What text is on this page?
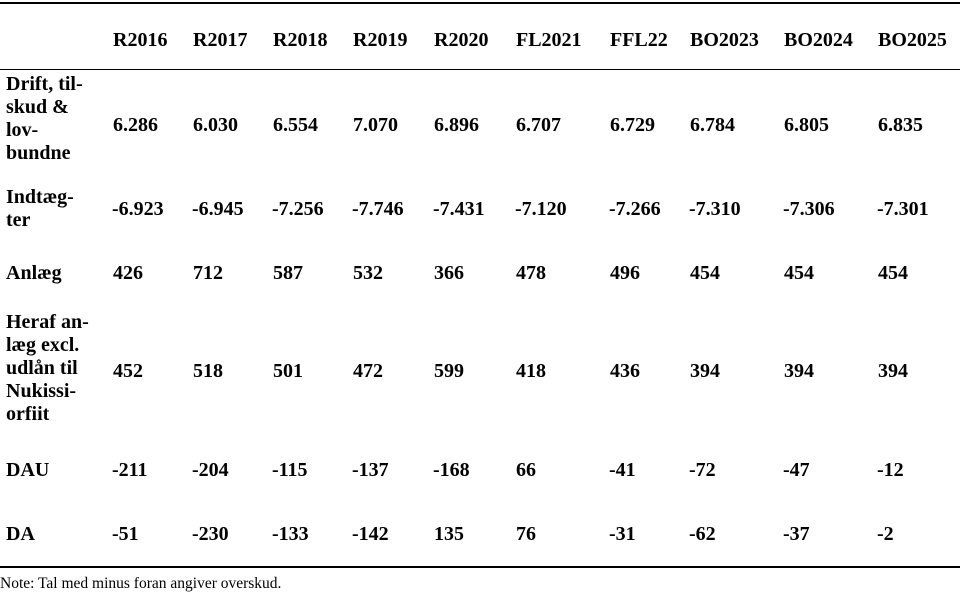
R2016 R2017 R2018 R2019 R2020 FL2021 FFL22 BO2023 BO2024 BO2025
Drift, til-
skud &
lov-
bundne
6.286 6.030 6.554 7.070 6.896 6.707 6.729 6.784 6.805 6.835
Indtæg-
ter	-6.923 -6.945 -7.256 -7.746 -7.431 -7.120 -7.266 -7.310 -7.306 -7.301
Anlæg	426	712	587	532	366	478	496	454	454	454
Heraf an-
læg excl.
udlån til
Nukissi-
orfiit
452	518	501	472	599	418	436	394	394	394
DAU	-211 -204 -115 -137 -168 66	-41	-72	-47	-12
DA	-51	-230 -133 -142 135	76	-31	-62	-37	-2
Note: Tal med minus foran angiver overskud.
